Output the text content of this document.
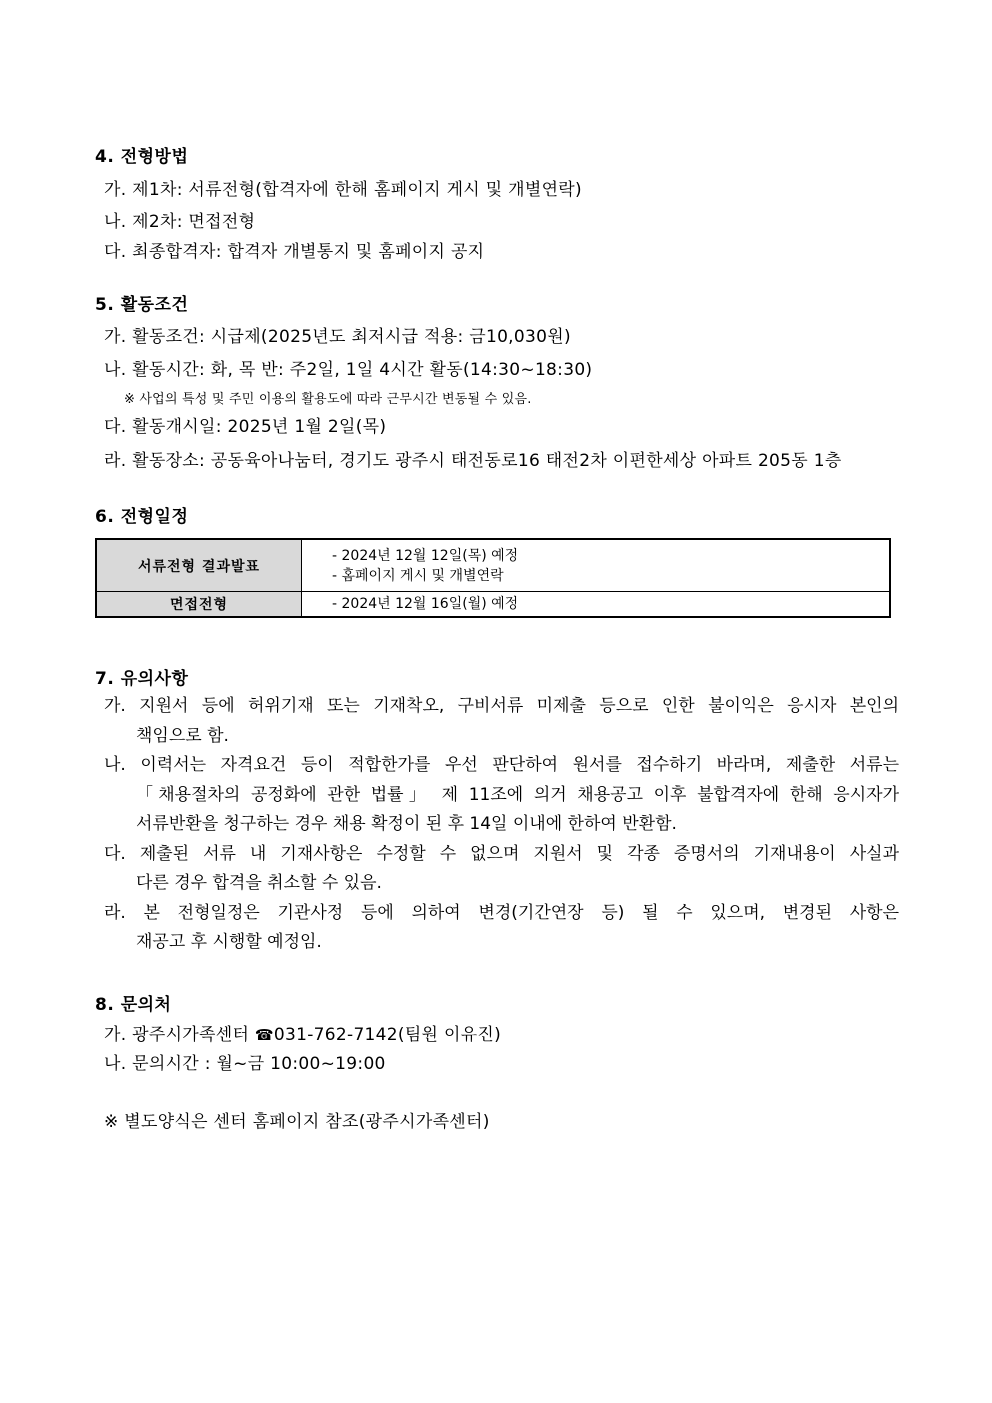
4. 전형방법
가. 제1차: 서류전형(합격자에 한해 홈페이지 게시 및 개별연락)
나. 제2차: 면접전형
다. 최종합격자: 합격자 개별통지 및 홈페이지 공지
5. 활동조건
가. 활동조건: 시급제(2025년도 최저시급 적용: 금10,030원)
나. 활동시간: 화, 목 반: 주2일, 1일 4시간 활동(14:30~18:30)
※ 사업의 특성 및 주민 이용의 활용도에 따라 근무시간 변동될 수 있음.
다. 활동개시일: 2025년 1월 2일(목)
라. 활동장소: 공동육아나눔터, 경기도 광주시 태전동로16 태전2차 이편한세상 아파트 205동 1층
6. 전형일정
서류전형 결과발표	- 2024년 12월 12일(목) 예정
- 홈페이지 게시 및 개별연락

면접전형	- 2024년 12월 16일(월) 예정
7. 유의사항
가. 지원서 등에 허위기재 또는 기재착오, 구비서류 미제출 등으로 인한 불이익은 응시자 본인의
책임으로 함.
나. 이력서는 자격요건 등이 적합한가를 우선 판단하여 원서를 접수하기 바라며, 제출한 서류는
「채용절차의 공정화에 관한 법률」 제 11조에 의거 채용공고 이후 불합격자에 한해 응시자가
서류반환을 청구하는 경우 채용 확정이 된 후 14일 이내에 한하여 반환함.
다. 제출된 서류 내 기재사항은 수정할 수 없으며 지원서 및 각종 증명서의 기재내용이 사실과
다른 경우 합격을 취소할 수 있음.
라. 본 전형일정은 기관사정 등에 의하여 변경(기간연장 등) 될 수 있으며, 변경된 사항은
재공고 후 시행할 예정임.
8. 문의처
가. 광주시가족센터 ☎031-762-7142(팀원 이유진)
나. 문의시간 : 월~금 10:00~19:00
※ 별도양식은 센터 홈페이지 참조(광주시가족센터)
